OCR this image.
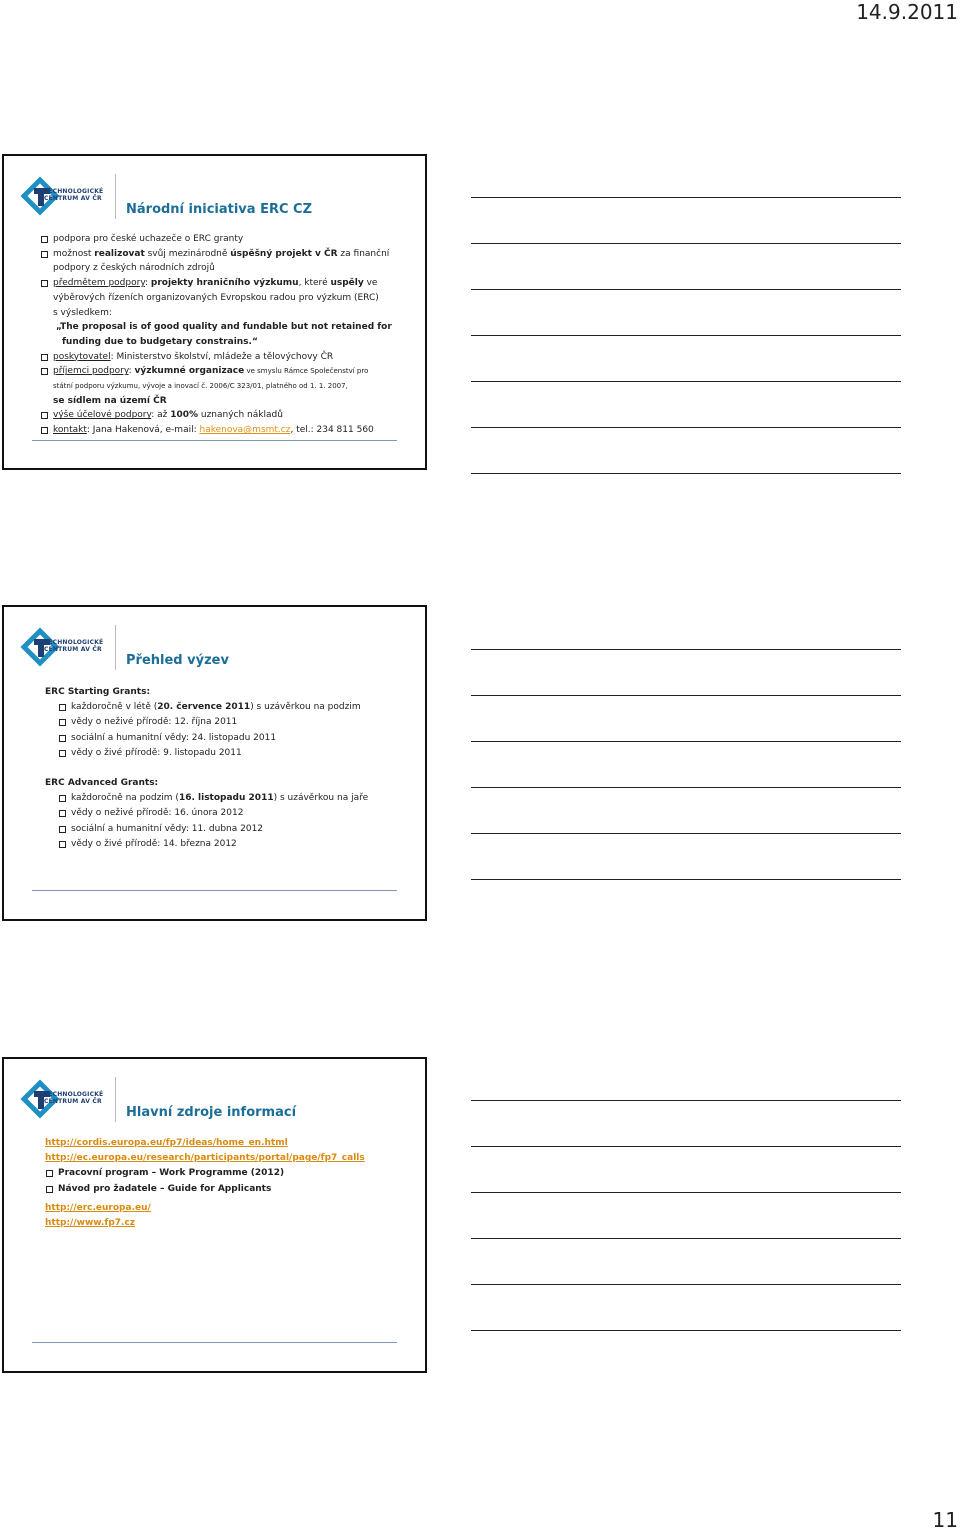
14.9.2011
TECHNOLOGICKÉ
CENTRUM AV ČR
Národní iniciativa ERC CZ
podpora pro české uchazeče o ERC granty
možnost realizovat svůj mezinárodně úspěšný projekt v ČR za finanční
podpory z českých národních zdrojů
předmětem podpory: projekty hraničního výzkumu, které uspěly ve
výběrových řízeních organizovaných Evropskou radou pro výzkum (ERC)
s výsledkem:
„The proposal is of good quality and fundable but not retained for
funding due to budgetary constrains.“
poskytovatel: Ministerstvo školství, mládeže a tělovýchovy ČR
příjemci podpory: výzkumné organizace ve smyslu Rámce Společenství pro
státní podporu výzkumu, vývoje a inovací č. 2006/C 323/01, platného od 1. 1. 2007,
se sídlem na území ČR
výše účelové podpory: až 100% uznaných nákladů
kontakt: Jana Hakenová, e-mail: hakenova@msmt.cz, tel.: 234 811 560
TECHNOLOGICKÉ
CENTRUM AV ČR
Přehled výzev
ERC Starting Grants:
každoročně v létě (20. července 2011) s uzávěrkou na podzim
vědy o neživé přírodě: 12. října 2011
sociální a humanitní vědy: 24. listopadu 2011
vědy o živé přírodě: 9. listopadu 2011
ERC Advanced Grants:
každoročně na podzim (16. listopadu 2011) s uzávěrkou na jaře
vědy o neživé přírodě: 16. února 2012
sociální a humanitní vědy: 11. dubna 2012
vědy o živé přírodě: 14. března 2012
TECHNOLOGICKÉ
CENTRUM AV ČR
Hlavní zdroje informací
http://cordis.europa.eu/fp7/ideas/home_en.html
http://ec.europa.eu/research/participants/portal/page/fp7_calls
Pracovní program – Work Programme (2012)
Návod pro žadatele – Guide for Applicants
http://erc.europa.eu/
http://www.fp7.cz
11
